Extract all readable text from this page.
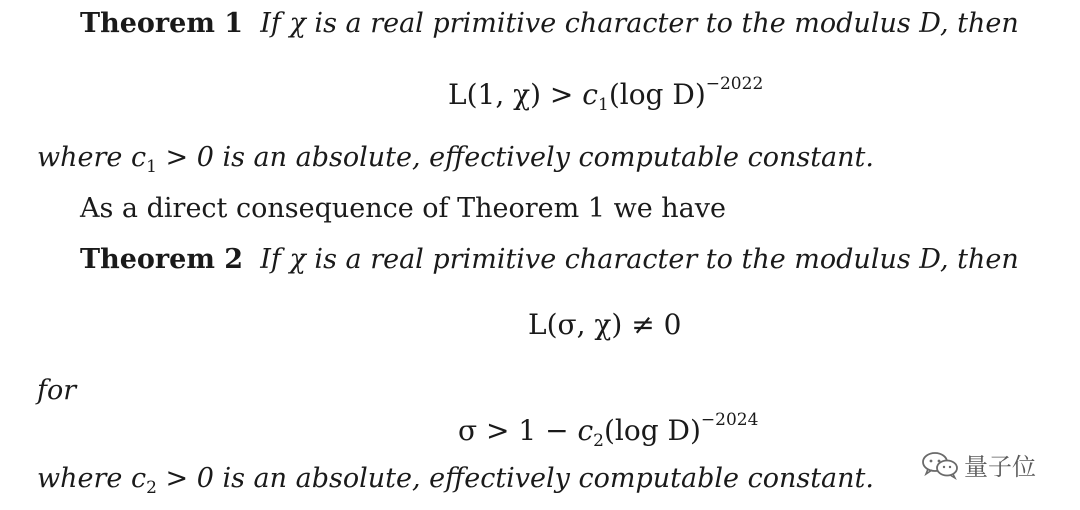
Theorem 1 If χ is a real primitive character to the modulus D, then
L(1, $\chi) > c_1(\log$ D)$^{-2022}$
where $c_1 > 0$ is an absolute, effectively computable constant.
As a direct consequence of Theorem 1 we have
Theorem 2 If χ is a real primitive character to the modulus D, then
L(σ, χ) ≠ 0
for
$\sigma > 1 - c_2(\log$ D)$^{-2024}$
where $c_2 > 0$ is an absolute, effectively computable constant.	量子位
